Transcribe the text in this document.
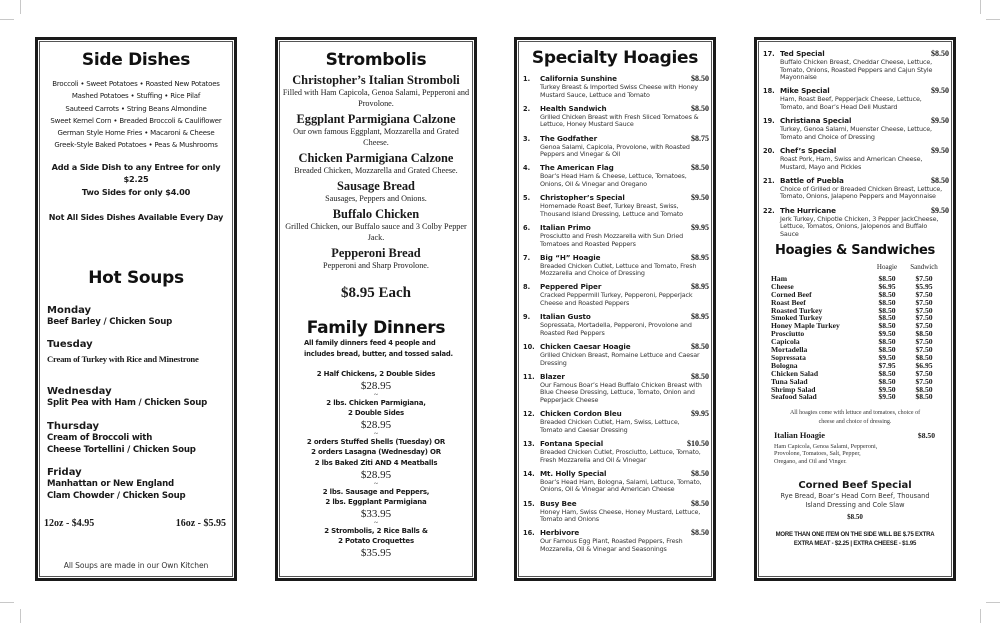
Side Dishes
Broccoli • Sweet Potatoes • Roasted New Potatoes
Mashed Potatoes • Stuffing • Rice Pilaf
Sauteed Carrots • String Beans Almondine
Sweet Kernel Corn • Breaded Broccoli & Cauliflower
German Style Home Fries • Macaroni & Cheese
Greek-Style Baked Potatoes • Peas & Mushrooms
Add a Side Dish to any Entree for only $2.25
Two Sides for only $4.00
Not All Sides Dishes Available Every Day
Hot Soups
Monday
Beef Barley / Chicken Soup
Tuesday
Cream of Turkey with Rice and Minestrone
Wednesday
Split Pea with Ham / Chicken Soup
Thursday
Cream of Broccoli with
Cheese Tortellini / Chicken Soup
Friday
Manhattan or New England
Clam Chowder / Chicken Soup
12oz - $4.95	16oz - $5.95
All Soups are made in our Own Kitchen
Strombolis
Christopher’s Italian Stromboli
Filled with Ham Capicola, Genoa Salami, Pepperoni and Provolone.
Eggplant Parmigiana Calzone
Our own famous Eggplant, Mozzarella and Grated Cheese.
Chicken Parmigiana Calzone
Breaded Chicken, Mozzarella and Grated Cheese.
Sausage Bread
Sausages, Peppers and Onions.
Buffalo Chicken
Grilled Chicken, our Buffalo sauce and 3 Colby Pepper Jack.
Pepperoni Bread
Pepperoni and Sharp Provolone.
$8.95 Each
Family Dinners
All family dinners feed 4 people and
includes bread, butter, and tossed salad.
2 Half Chickens, 2 Double Sides
$28.95
~
2 lbs. Chicken Parmigiana,
2 Double Sides
$28.95
~
2 orders Stuffed Shells (Tuesday) OR
2 orders Lasagna (Wednesday) OR
2 lbs Baked Ziti AND 4 Meatballs
$28.95
~
2 lbs. Sausage and Peppers,
2 lbs. Eggplant Parmigiana
$33.95
~
2 Strombolis, 2 Rice Balls &
2 Potato Croquettes
$35.95
Specialty Hoagies
1.	California Sunshine	$8.50
Turkey Breast & Imported Swiss Cheese with Honey Mustard Sauce, Lettuce and Tomato
2.	Health Sandwich	$8.50
Grilled Chicken Breast with Fresh Sliced Tomatoes & Lettuce, Honey Mustard Sauce
3.	The Godfather	$8.75
Genoa Salami, Capicola, Provolone, with Roasted Peppers and Vinegar & Oil
4.	The American Flag	$8.50
Boar’s Head Ham & Cheese, Lettuce, Tomatoes, Onions, Oil & Vinegar and Oregano
5.	Christopher’s Special	$9.50
Homemade Roast Beef, Turkey Breast, Swiss, Thousand Island Dressing, Lettuce and Tomato
6.	Italian Primo	$9.95
Prosciutto and Fresh Mozzarella with Sun Dried Tomatoes and Roasted Peppers
7.	Big “H” Hoagie	$8.95
Breaded Chicken Cutlet, Lettuce and Tomato, Fresh Mozzarella and Choice of Dressing
8.	Peppered Piper	$8.95
Cracked Peppermill Turkey, Pepperoni, Pepperjack Cheese and Roasted Peppers
9.	Italian Gusto	$8.95
Sopressata, Mortadella, Pepperoni, Provolone and Roasted Red Peppers
10. Chicken Caesar Hoagie	$8.50
Grilled Chicken Breast, Romaine Lettuce and Caesar Dressing
11. Blazer	$8.50
Our Famous Boar’s Head Buffalo Chicken Breast with Blue Cheese Dressing, Lettuce, Tomato, Onion and Pepperjack Cheese
12. Chicken Cordon Bleu	$9.95
Breaded Chicken Cutlet, Ham, Swiss, Lettuce, Tomato and Caesar Dressing
13. Fontana Special	$10.50
Breaded Chicken Cutlet, Prosciutto, Lettuce, Tomato, Fresh Mozzarella and Oil & Vinegar
14. Mt. Holly Special	$8.50
Boar’s Head Ham, Bologna, Salami, Lettuce, Tomato, Onions, Oil & Vinegar and American Cheese
15. Busy Bee	$8.50
Honey Ham, Swiss Cheese, Honey Mustard, Lettuce, Tomato and Onions
16. Herbivore	$8.50
Our Famous Egg Plant, Roasted Peppers, Fresh Mozzarella, Oil & Vinegar and Seasonings
17. Ted Special	$8.50
Buffalo Chicken Breast, Cheddar Cheese, Lettuce, Tomato, Onions, Roasted Peppers and Cajun Style Mayonnaise
18. Mike Special	$9.50
Ham, Roast Beef, Pepperjack Cheese, Lettuce, Tomato, and Boar’s Head Deli Mustard
19. Christiana Special	$9.50
Turkey, Genoa Salami, Muenster Cheese, Lettuce, Tomato and Choice of Dressing
20. Chef’s Special	$9.50
Roast Pork, Ham, Swiss and American Cheese, Mustard, Mayo and Pickles
21. Battle of Puebla	$8.50
Choice of Grilled or Breaded Chicken Breast, Lettuce, Tomato, Onions, Jalapeno Peppers and Mayonnaise
22. The Hurricane	$9.50
Jerk Turkey, Chipotle Chicken, 3 Pepper JackCheese, Lettuce, Tomatos, Onions, Jalopenos and Buffalo Sauce
Hoagies & Sandwiches
Hoagie	Sandwich
Ham	$8.50	$7.50
Cheese	$6.95	$5.95
Corned Beef	$8.50	$7.50
Roast Beef	$8.50	$7.50
Roasted Turkey	$8.50	$7.50
Smoked Turkey	$8.50	$7.50
Honey Maple Turkey	$8.50	$7.50
Prosciutto	$9.50	$8.50
Capicola	$8.50	$7.50
Mortadella	$8.50	$7.50
Sopressata	$9.50	$8.50
Bologna	$7.95	$6.95
Chicken Salad	$8.50	$7.50
Tuna Salad	$8.50	$7.50
Shrimp Salad	$9.50	$8.50
Seafood Salad	$9.50	$8.50
All hoagies come with lettuce and tomatoes, choice of
cheese and choice of dressing.
Italian Hoagie	$8.50
Ham Capicola, Genoa Salami, Pepperoni,
Provolone, Tomatoes, Salt, Pepper,
Oregano, and Oil and Vinger.
Corned Beef Special
Rye Bread, Boar’s Head Corn Beef, Thousand
Island Dressing and Cole Slaw
$8.50
MORE THAN ONE ITEM ON THE SIDE WILL BE $.75 EXTRA
EXTRA MEAT - $2.25 | EXTRA CHEESE - $1.95
